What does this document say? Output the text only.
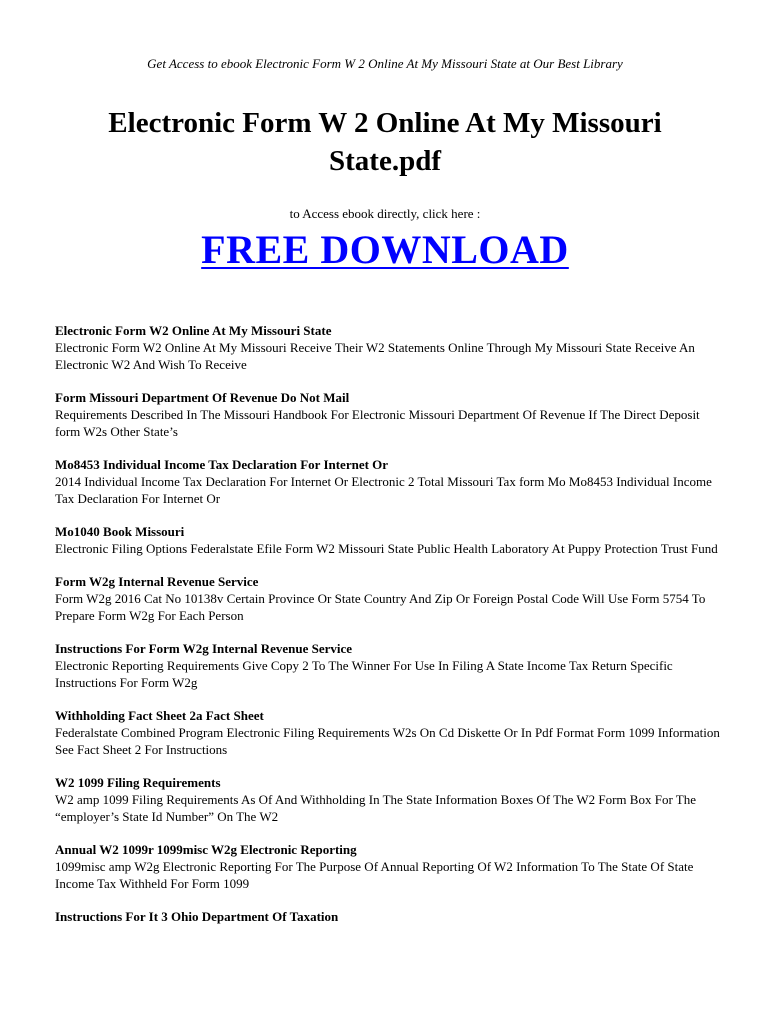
Get Access to ebook Electronic Form W 2 Online At My Missouri State at Our Best Library
Electronic Form W 2 Online At My Missouri State.pdf
to Access ebook directly, click here :
FREE DOWNLOAD

Electronic Form W2 Online At My Missouri State

Electronic Form W2 Online At My Missouri Receive Their W2 Statements Online Through My Missouri State Receive An Electronic W2 And Wish To Receive

Form Missouri Department Of Revenue Do Not Mail

Requirements Described In The Missouri Handbook For Electronic Missouri Department Of Revenue If The Direct Deposit form W2s Other State’s

Mo8453 Individual Income Tax Declaration For Internet Or

2014 Individual Income Tax Declaration For Internet Or Electronic 2 Total Missouri Tax form Mo Mo8453 Individual Income Tax Declaration For Internet Or

Mo1040 Book Missouri

Electronic Filing Options Federalstate Efile Form W2 Missouri State Public Health Laboratory At Puppy Protection Trust Fund

Form W2g Internal Revenue Service

Form W2g 2016 Cat No 10138v Certain Province Or State Country And Zip Or Foreign Postal Code Will Use Form 5754 To Prepare Form W2g For Each Person

Instructions For Form W2g Internal Revenue Service

Electronic Reporting Requirements Give Copy 2 To The Winner For Use In Filing A State Income Tax Return Specific Instructions For Form W2g

Withholding Fact Sheet 2a Fact Sheet

Federalstate Combined Program Electronic Filing Requirements W2s On Cd Diskette Or In Pdf Format Form 1099 Information See Fact Sheet 2 For Instructions

W2 1099 Filing Requirements

W2 amp 1099 Filing Requirements As Of And Withholding In The State Information Boxes Of The W2 Form Box For The “employer’s State Id Number” On The W2

Annual W2 1099r 1099misc W2g Electronic Reporting

1099misc amp W2g Electronic Reporting For The Purpose Of Annual Reporting Of W2 Information To The State Of State Income Tax Withheld For Form 1099

Instructions For It 3 Ohio Department Of Taxation
